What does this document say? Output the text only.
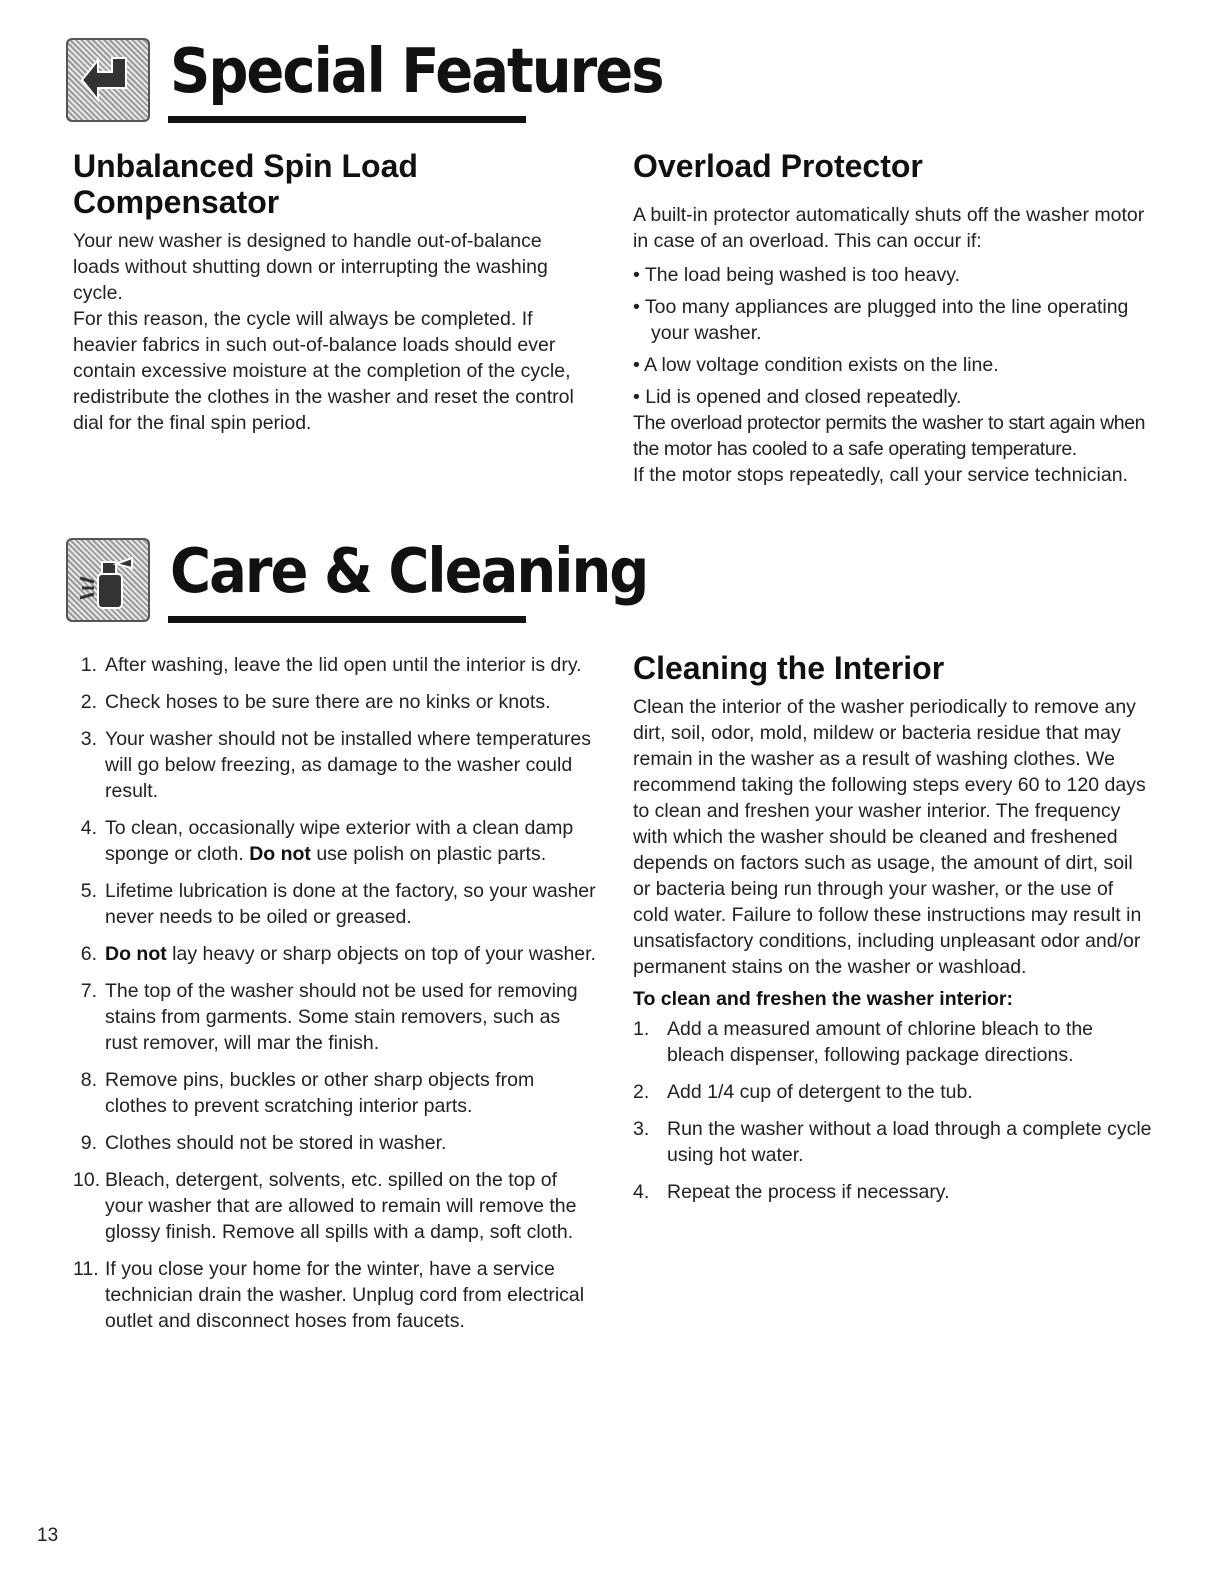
Special Features
Unbalanced Spin Load Compensator

Your new washer is designed to handle out-of-balance loads without shutting down or interrupting the washing cycle.

For this reason, the cycle will always be completed. If heavier fabrics in such out-of-balance loads should ever contain excessive moisture at the completion of the cycle, redistribute the clothes in the washer and reset the control dial for the final spin period.

Overload Protector

A built-in protector automatically shuts off the washer motor in case of an overload. This can occur if:

• The load being washed is too heavy.

• Too many appliances are plugged into the line operating your washer.

• A low voltage condition exists on the line.

• Lid is opened and closed repeatedly.

The overload protector permits the washer to start again when the motor has cooled to a safe operating temperature.

If the motor stops repeatedly, call your service technician.

Care & Cleaning
1. After washing, leave the lid open until the interior is dry.
2. Check hoses to be sure there are no kinks or knots.
3. Your washer should not be installed where temperatures will go below freezing, as damage to the washer could result.
4. To clean, occasionally wipe exterior with a clean damp sponge or cloth. Do not use polish on plastic parts.
5. Lifetime lubrication is done at the factory, so your washer never needs to be oiled or greased.
6. Do not lay heavy or sharp objects on top of your washer.
7. The top of the washer should not be used for removing stains from garments. Some stain removers, such as rust remover, will mar the finish.
8. Remove pins, buckles or other sharp objects from clothes to prevent scratching interior parts.
9. Clothes should not be stored in washer.
10. Bleach, detergent, solvents, etc. spilled on the top of your washer that are allowed to remain will remove the glossy finish. Remove all spills with a damp, soft cloth.
11. If you close your home for the winter, have a service technician drain the washer. Unplug cord from electrical outlet and disconnect hoses from faucets.
Cleaning the Interior

Clean the interior of the washer periodically to remove any dirt, soil, odor, mold, mildew or bacteria residue that may remain in the washer as a result of washing clothes. We recommend taking the following steps every 60 to 120 days to clean and freshen your washer interior. The frequency with which the washer should be cleaned and freshened depends on factors such as usage, the amount of dirt, soil or bacteria being run through your washer, or the use of cold water. Failure to follow these instructions may result in unsatisfactory conditions, including unpleasant odor and/or permanent stains on the washer or washload.

To clean and freshen the washer interior:
1. Add a measured amount of chlorine bleach to the bleach dispenser, following package directions.
2. Add 1/4 cup of detergent to the tub.
3. Run the washer without a load through a complete cycle using hot water.
4. Repeat the process if necessary.
13
